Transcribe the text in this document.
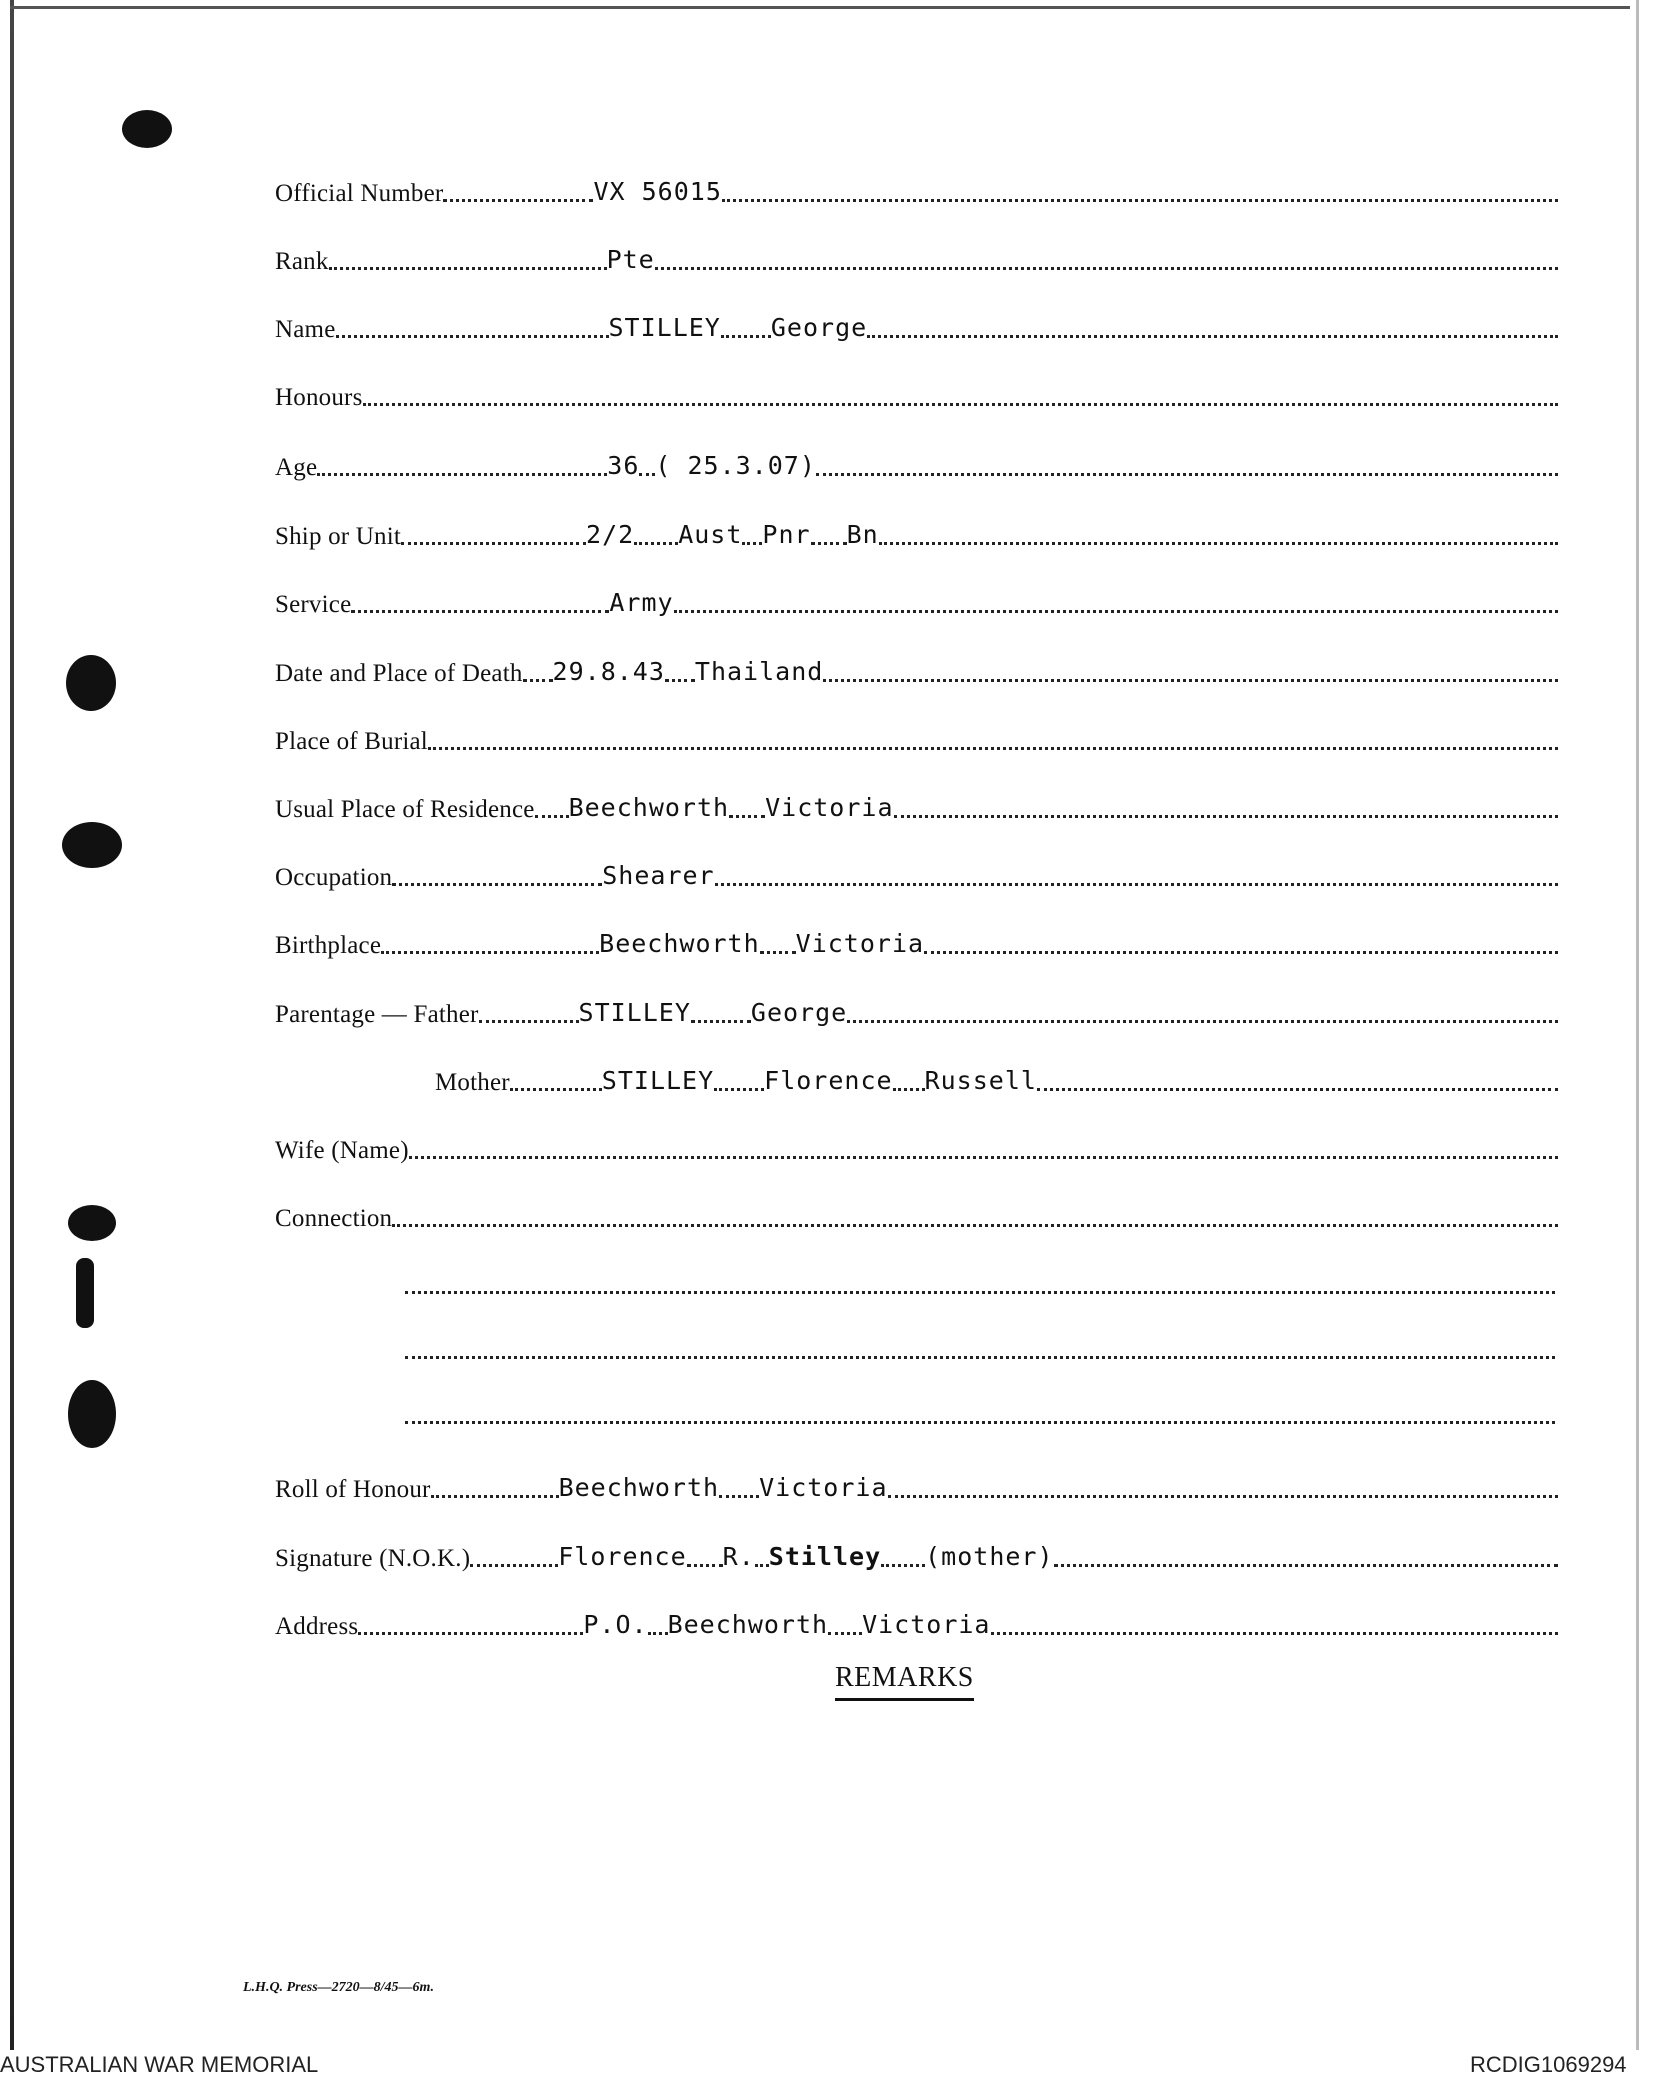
Official Number	VX 56015
Rank	Pte
Name	STILLEY George
Honours
Age	36 ( 25.3.07)
Ship or Unit	2/2 Aust Pnr Bn
Service	Army
Date and Place of Death 29.8.43 Thailand
Place of Burial
Usual Place of Residence Beechworth Victoria
Occupation	Shearer
Birthplace	Beechworth Victoria
Parentage — Father	STILLEY George
Mother	STILLEY Florence Russell
Wife (Name)
Connection
Roll of Honour	Beechworth Victoria
Signature (N.O.K.)	Florence R. Stilley (mother)
Address	P.O. Beechworth Victoria
REMARKS
L.H.Q. Press—2720—8/45—6m.
AUSTRALIAN WAR MEMORIAL	RCDIG1069294
